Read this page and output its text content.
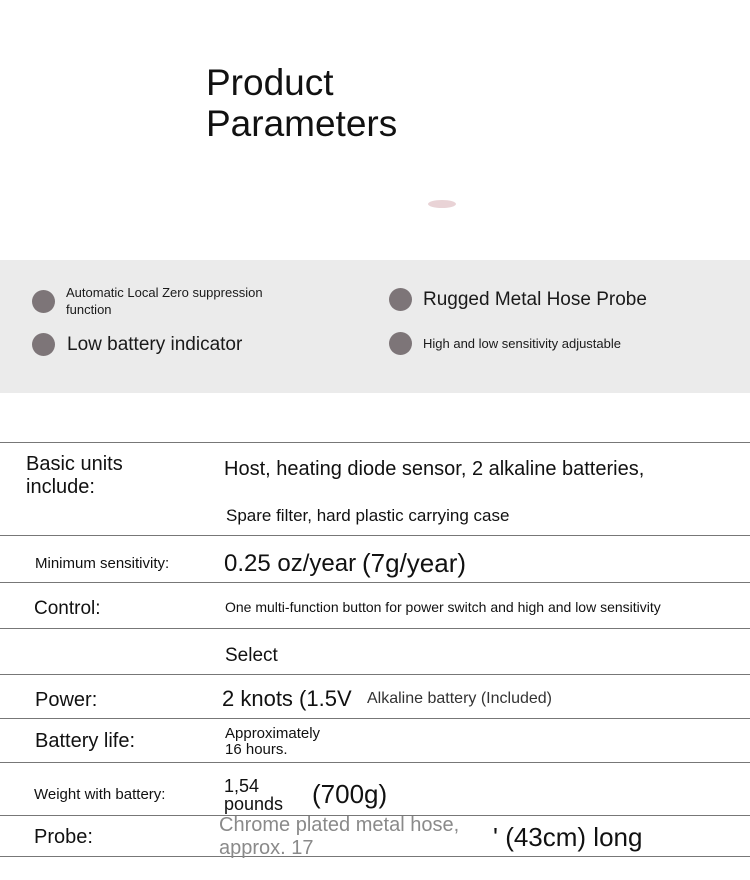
Product Parameters
Automatic Local Zero suppression function	Rugged Metal Hose Probe
Low battery indicator	High and low sensitivity adjustable
Basic units include:
Host, heating diode sensor, 2 alkaline batteries,
Spare filter, hard plastic carrying case
Minimum sensitivity: 0.25 oz/year (7g/year)
Control:	One multi-function button for power switch and high and low sensitivity
Select
Power:	2 knots (1.5V Alkaline battery (Included)
Battery life:	Approximately
16 hours.
Weight with battery:	1,54
pounds (700g)
Probe:
Chrome plated metal hose,
approx. 17	' (43cm) long
